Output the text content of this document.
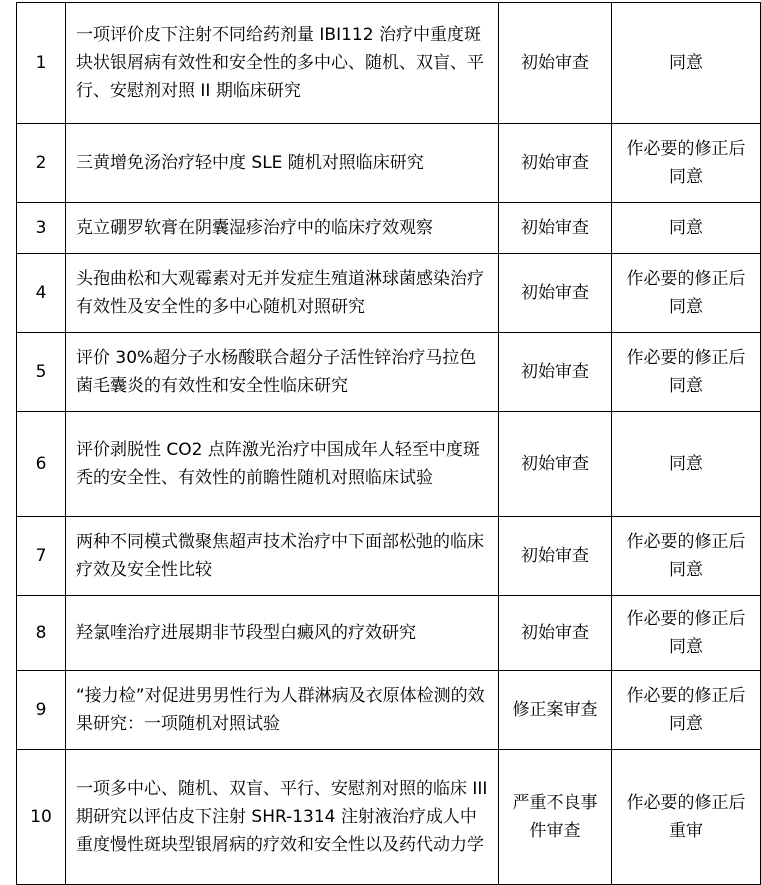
1	一项评价皮下注射不同给药剂量 IBI112 治疗中重度斑块状银屑病有效性和安全性的多中心、随机、双盲、平行、安慰剂对照 II 期临床研究	初始审查	同意
2	三黄增免汤治疗轻中度 SLE 随机对照临床研究	初始审查	作必要的修正后同意
3	克立硼罗软膏在阴囊湿疹治疗中的临床疗效观察	初始审查	同意
4	头孢曲松和大观霉素对无并发症生殖道淋球菌感染治疗有效性及安全性的多中心随机对照研究	初始审查	作必要的修正后同意
5	评价 30%超分子水杨酸联合超分子活性锌治疗马拉色菌毛囊炎的有效性和安全性临床研究	初始审查	作必要的修正后同意
6	评价剥脱性 CO2 点阵激光治疗中国成年人轻至中度斑秃的安全性、有效性的前瞻性随机对照临床试验	初始审查	同意
7	两种不同模式微聚焦超声技术治疗中下面部松弛的临床疗效及安全性比较	初始审查	作必要的修正后同意
8	羟氯喹治疗进展期非节段型白癜风的疗效研究	初始审查	作必要的修正后同意
9	“接力检”对促进男男性行为人群淋病及衣原体检测的效果研究：一项随机对照试验	修正案审查	作必要的修正后同意
10	一项多中心、随机、双盲、平行、安慰剂对照的临床 III 期研究以评估皮下注射 SHR-1314 注射液治疗成人中重度慢性斑块型银屑病的疗效和安全性以及药代动力学	严重不良事件审查	作必要的修正后重审
